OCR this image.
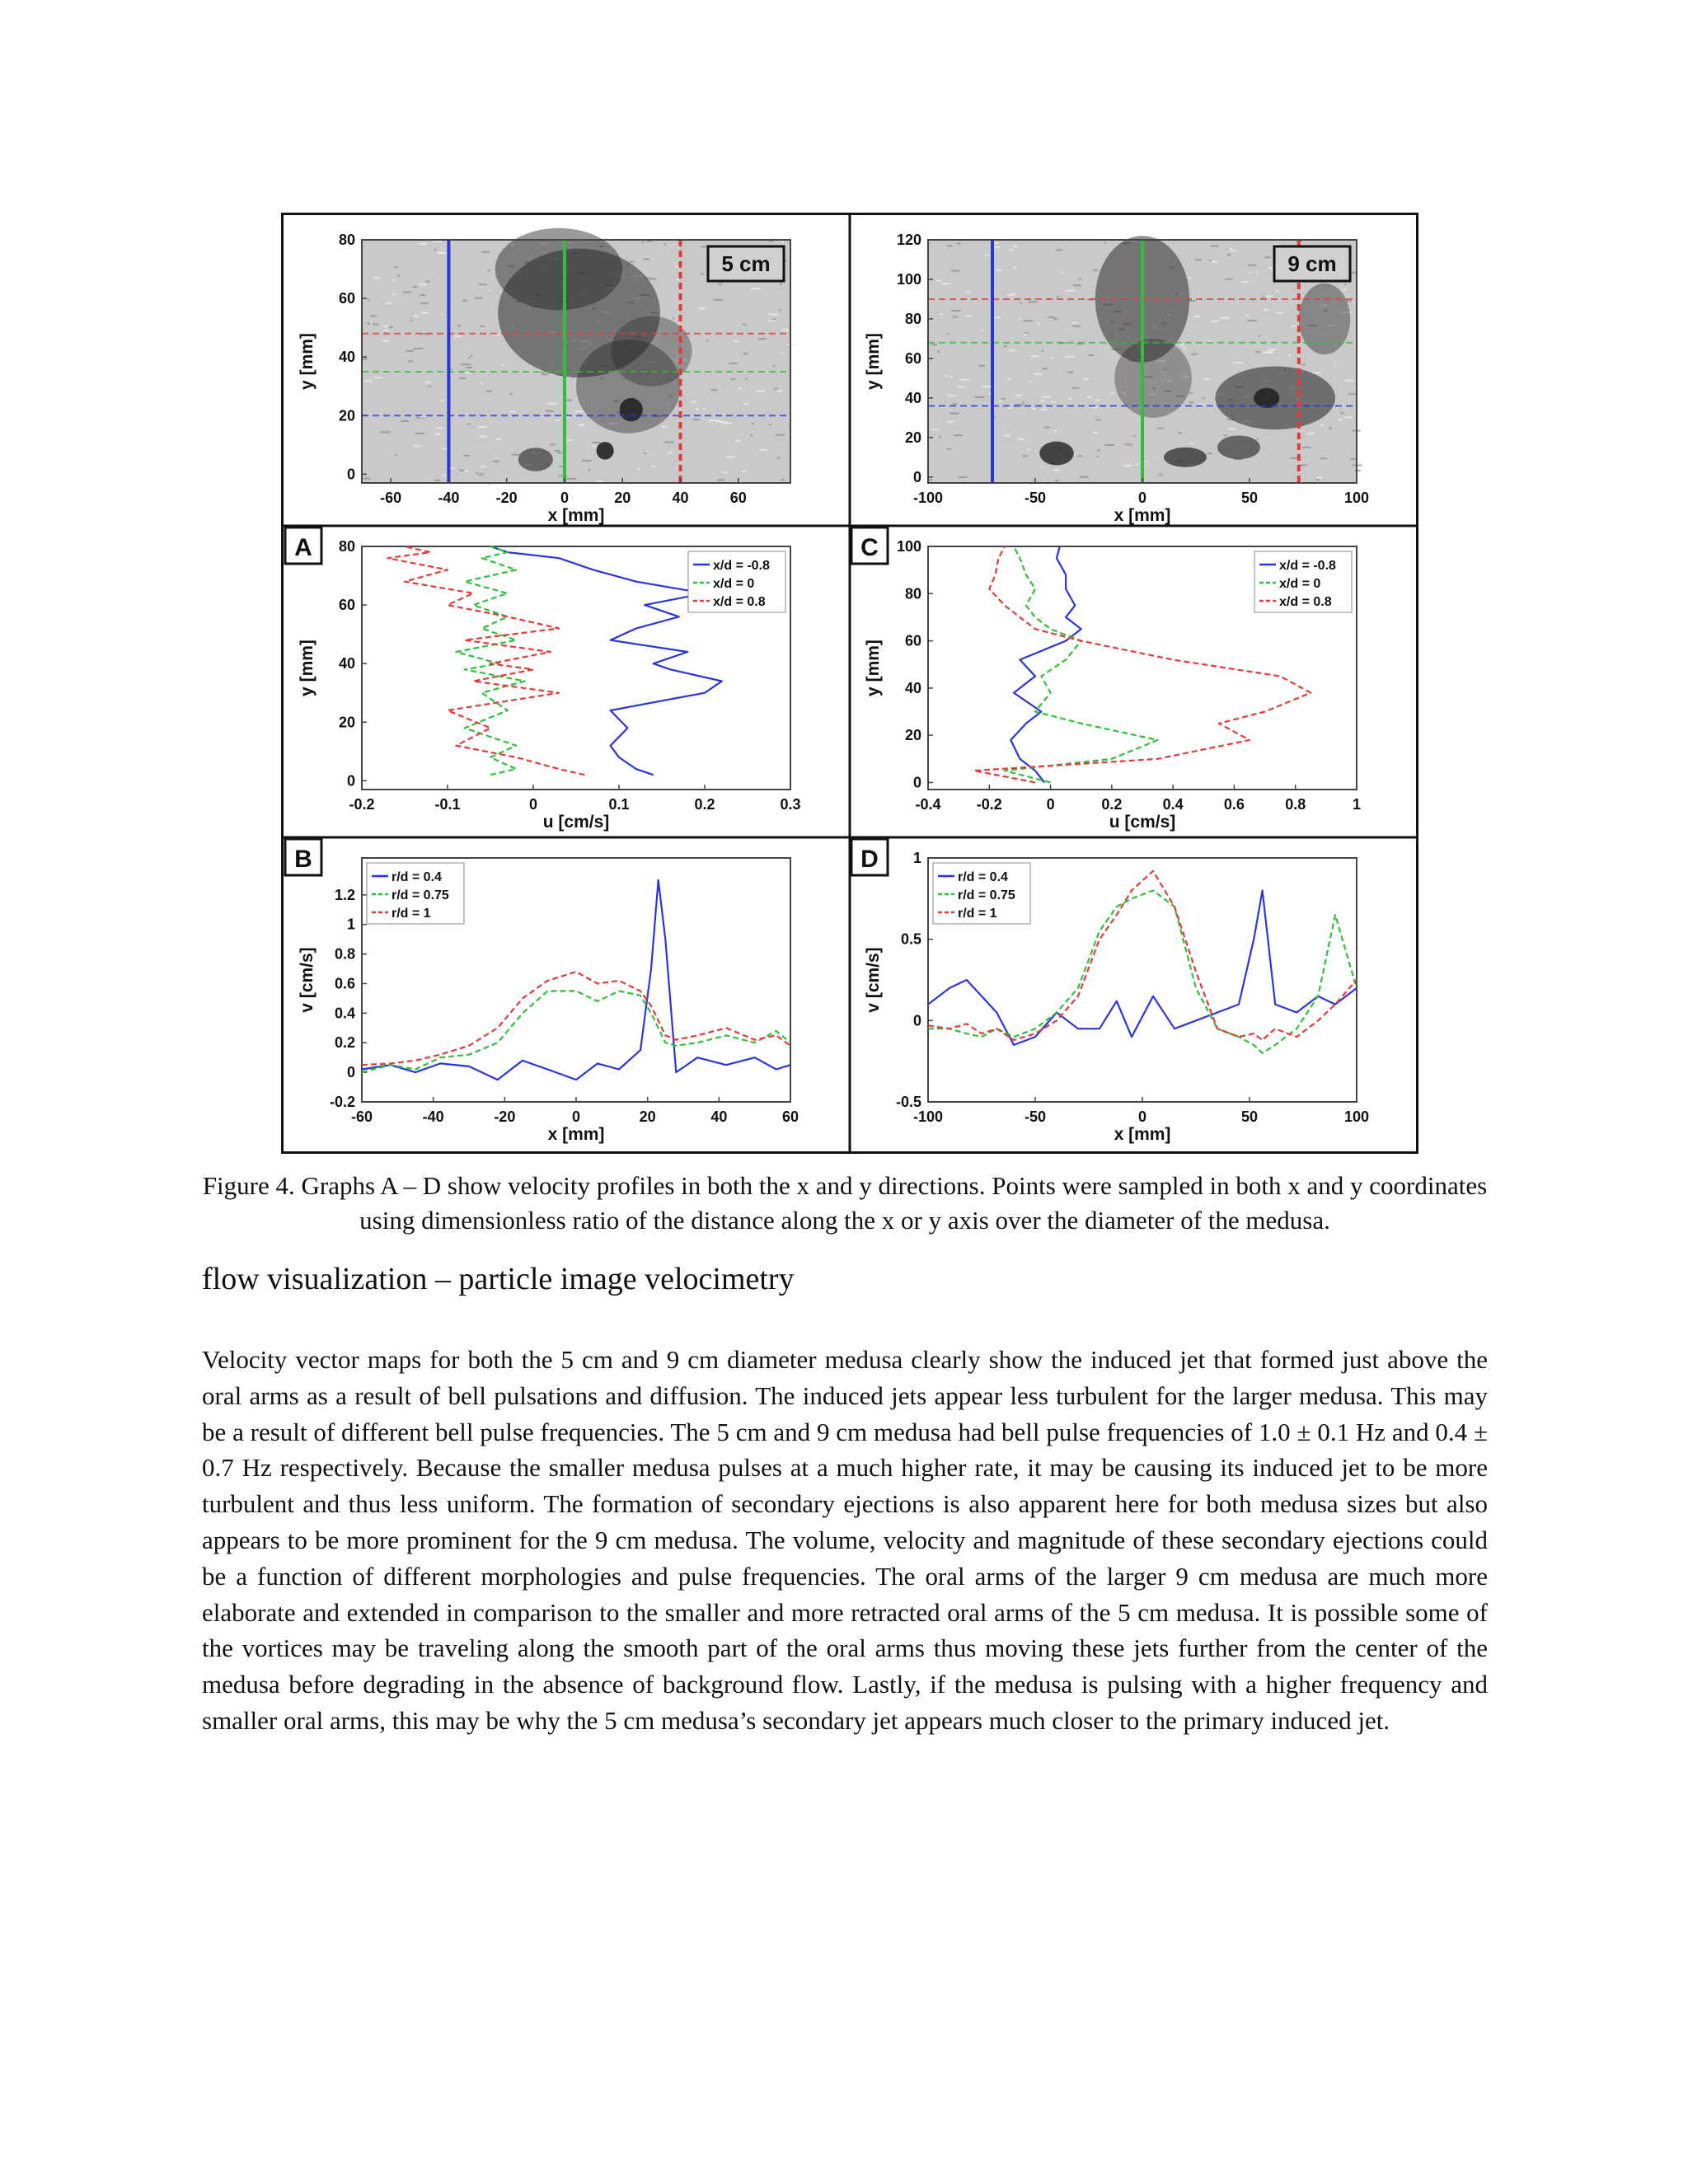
5 cm
-60 -40 -20	0	20	40	60
0
20
40
60
80
x [mm]
y [mm]
9 cm
-100	-50	0	50	100
0
20
40
60
80
100
120
x [mm]
y [mm]
-0.2	-0.1	0	0.1	0.2	0.3
0
20
40
60
80
u [cm/s]
y [mm]
A
x/d = -0.8
x/d = 0
x/d = 0.8
-0.4 -0.2	0	0.2	0.4	0.6	0.8	1
0
20
40
60
80
100
u [cm/s]
y [mm]
C
x/d = -0.8
x/d = 0
x/d = 0.8
-60	-40	-20	0	20	40	60
-0.2
0
0.2
0.4
0.6
0.8
1
1.2
x [mm]
v [cm/s]
B
r/d = 0.4
r/d = 0.75
r/d = 1
-100	-50	0	50	100
-0.5
0
0.5
1
x [mm]
v [cm/s]
D
r/d = 0.4
r/d = 0.75
r/d = 1
Figure 4. Graphs A – D show velocity profiles in both the x and y directions. Points were sampled in both x and y coordinates using dimensionless ratio of the distance along the x or y axis over the diameter of the medusa.
flow visualization – particle image velocimetry

Velocity vector maps for both the 5 cm and 9 cm diameter medusa clearly show the induced jet that formed just above the oral arms as a result of bell pulsations and diffusion. The induced jets appear less turbulent for the larger medusa. This may be a result of different bell pulse frequencies. The 5 cm and 9 cm medusa had bell pulse frequencies of 1.0 ± 0.1 Hz and 0.4 ± 0.7 Hz respectively. Because the smaller medusa pulses at a much higher rate, it may be causing its induced jet to be more turbulent and thus less uniform. The formation of secondary ejections is also apparent here for both medusa sizes but also appears to be more prominent for the 9 cm medusa. The volume, velocity and magnitude of these secondary ejections could be a function of different morphologies and pulse frequencies. The oral arms of the larger 9 cm medusa are much more elaborate and extended in comparison to the smaller and more retracted oral arms of the 5 cm medusa. It is possible some of the vortices may be traveling along the smooth part of the oral arms thus moving these jets further from the center of the medusa before degrading in the absence of background flow. Lastly, if the medusa is pulsing with a higher frequency and smaller oral arms, this may be why the 5 cm medusa’s secondary jet appears much closer to the primary induced jet.
